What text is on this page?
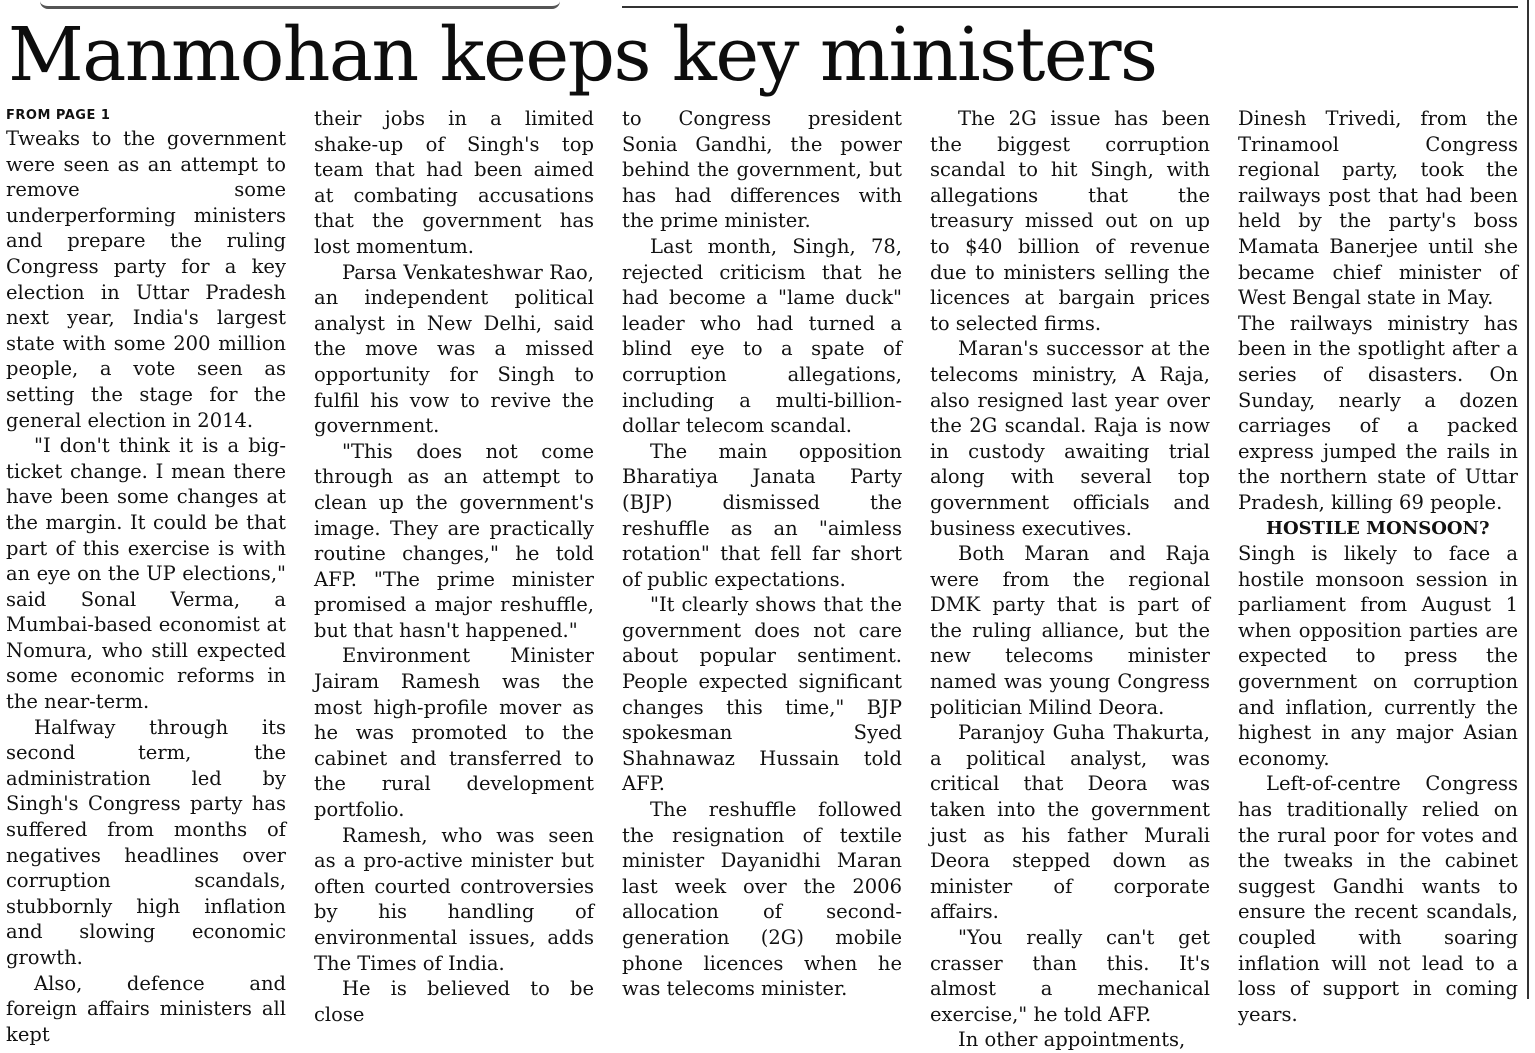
Manmohan keeps key ministers
FROM PAGE 1

Tweaks to the government were seen as an attempt to remove some underperforming ministers and prepare the ruling Congress party for a key election in Uttar Pradesh next year, India's largest state with some 200 million people, a vote seen as setting the stage for the general election in 2014.

"I don't think it is a big-ticket change. I mean there have been some changes at the margin. It could be that part of this exercise is with an eye on the UP elections," said Sonal Verma, a Mumbai-based economist at Nomura, who still expected some economic reforms in the near-term.

Halfway through its second term, the administration led by Singh's Congress party has suffered from months of negatives headlines over corruption scandals, stubbornly high inflation and slowing economic growth.

Also, defence and foreign affairs ministers all kept

their jobs in a limited shake-up of Singh's top team that had been aimed at combating accusations that the government has lost momentum.

Parsa Venkateshwar Rao, an independent political analyst in New Delhi, said the move was a missed opportunity for Singh to fulfil his vow to revive the government.

"This does not come through as an attempt to clean up the government's image. They are practically routine changes," he told AFP. "The prime minister promised a major reshuffle, but that hasn't happened."

Environment Minister Jairam Ramesh was the most high-profile mover as he was promoted to the cabinet and transferred to the rural development portfolio.

Ramesh, who was seen as a pro-active minister but often courted controversies by his handling of environmental issues, adds The Times of India.

He is believed to be close

to Congress president Sonia Gandhi, the power behind the government, but has had differences with the prime minister.

Last month, Singh, 78, rejected criticism that he had become a "lame duck" leader who had turned a blind eye to a spate of corruption allegations, including a multi-billion-dollar telecom scandal.

The main opposition Bharatiya Janata Party (BJP) dismissed the reshuffle as an "aimless rotation" that fell far short of public expectations.

"It clearly shows that the government does not care about popular sentiment. People expected significant changes this time," BJP spokesman Syed Shahnawaz Hussain told AFP.

The reshuffle followed the resignation of textile minister Dayanidhi Maran last week over the 2006 allocation of second-generation (2G) mobile phone licences when he was telecoms minister.

The 2G issue has been the biggest corruption scandal to hit Singh, with allegations that the treasury missed out on up to $40 billion of revenue due to ministers selling the licences at bargain prices to selected firms.

Maran's successor at the telecoms ministry, A Raja, also resigned last year over the 2G scandal. Raja is now in custody awaiting trial along with several top government officials and business executives.

Both Maran and Raja were from the regional DMK party that is part of the ruling alliance, but the new telecoms minister named was young Congress politician Milind Deora.

Paranjoy Guha Thakurta, a political analyst, was critical that Deora was taken into the government just as his father Murali Deora stepped down as minister of corporate affairs.

"You really can't get crasser than this. It's almost a mechanical exercise," he told AFP.

In other appointments,

Dinesh Trivedi, from the Trinamool Congress regional party, took the railways post that had been held by the party's boss Mamata Banerjee until she became chief minister of West Bengal state in May.

The railways ministry has been in the spotlight after a series of disasters. On Sunday, nearly a dozen carriages of a packed express jumped the rails in the northern state of Uttar Pradesh, killing 69 people.

HOSTILE MONSOON?

Singh is likely to face a hostile monsoon session in parliament from August 1 when opposition parties are expected to press the government on corruption and inflation, currently the highest in any major Asian economy.

Left-of-centre Congress has traditionally relied on the rural poor for votes and the tweaks in the cabinet suggest Gandhi wants to ensure the recent scandals, coupled with soaring inflation will not lead to a loss of support in coming years.
